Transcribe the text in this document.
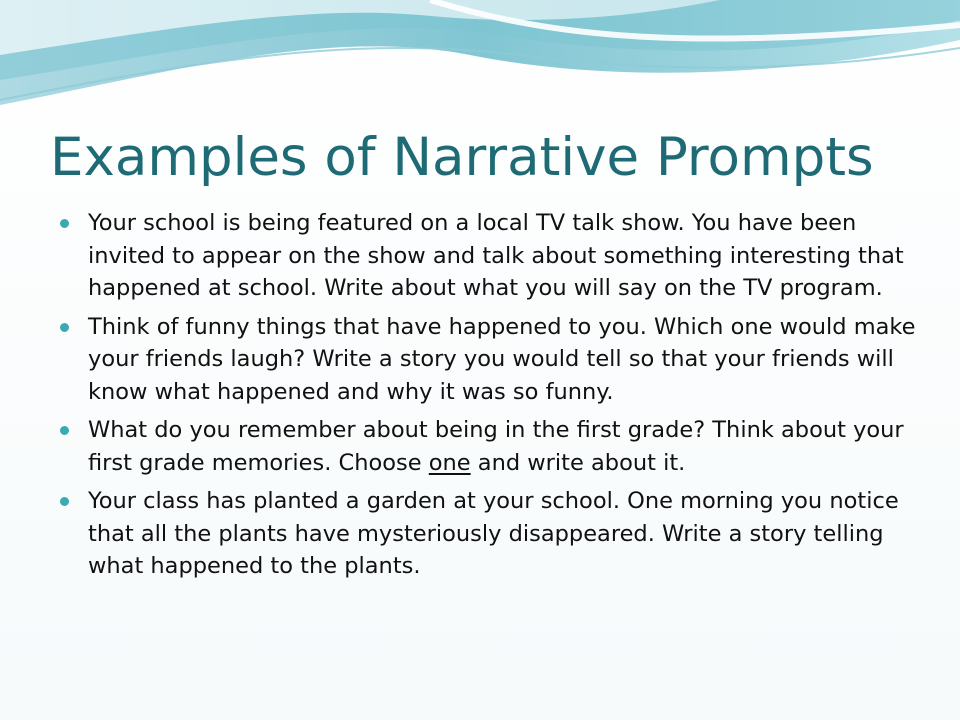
Examples of Narrative Prompts
Your school is being featured on a local TV talk show. You have been invited to appear on the show and talk about something interesting that happened at school. Write about what you will say on the TV program.
Think of funny things that have happened to you. Which one would make your friends laugh? Write a story you would tell so that your friends will know what happened and why it was so funny.
What do you remember about being in the first grade? Think about your first grade memories. Choose one and write about it.
Your class has planted a garden at your school. One morning you notice that all the plants have mysteriously disappeared. Write a story telling what happened to the plants.
